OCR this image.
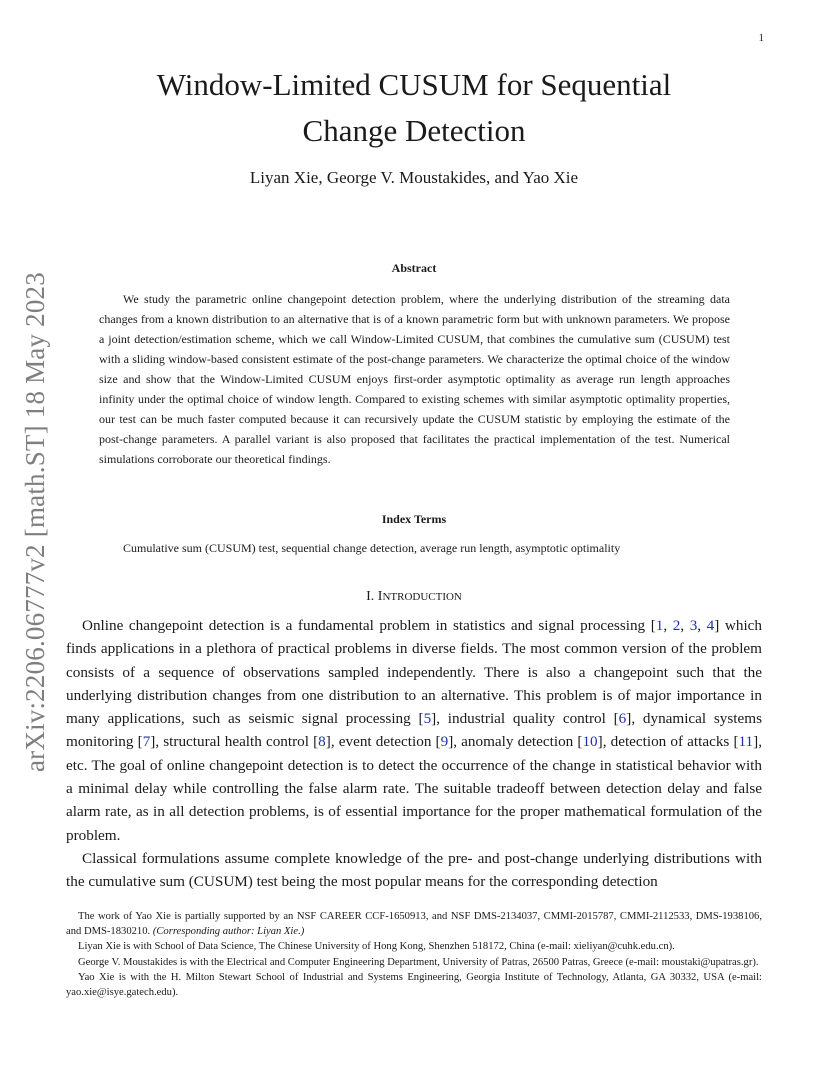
1
arXiv:2206.06777v2 [math.ST] 18 May 2023
Window-Limited CUSUM for Sequential
Change Detection
Liyan Xie, George V. Moustakides, and Yao Xie
Abstract
We study the parametric online changepoint detection problem, where the underlying distribution of the streaming data changes from a known distribution to an alternative that is of a known parametric form but with unknown parameters. We propose a joint detection/estimation scheme, which we call Window-Limited CUSUM, that combines the cumulative sum (CUSUM) test with a sliding window-based consistent estimate of the post-change parameters. We characterize the optimal choice of the window size and show that the Window-Limited CUSUM enjoys first-order asymptotic optimality as average run length approaches infinity under the optimal choice of window length. Compared to existing schemes with similar asymptotic optimality properties, our test can be much faster computed because it can recursively update the CUSUM statistic by employing the estimate of the post-change parameters. A parallel variant is also proposed that facilitates the practical implementation of the test. Numerical simulations corroborate our theoretical findings.
Index Terms
Cumulative sum (CUSUM) test, sequential change detection, average run length, asymptotic optimality
I. INTRODUCTION

Online changepoint detection is a fundamental problem in statistics and signal processing [1, 2, 3, 4] which finds applications in a plethora of practical problems in diverse fields. The most common version of the problem consists of a sequence of observations sampled independently. There is also a changepoint such that the underlying distribution changes from one distribution to an alternative. This problem is of major importance in many applications, such as seismic signal processing [5], industrial quality control [6], dynamical systems monitoring [7], structural health control [8], event detection [9], anomaly detection [10], detection of attacks [11], etc. The goal of online changepoint detection is to detect the occurrence of the change in statistical behavior with a minimal delay while controlling the false alarm rate. The suitable tradeoff between detection delay and false alarm rate, as in all detection problems, is of essential importance for the proper mathematical formulation of the problem.

Classical formulations assume complete knowledge of the pre- and post-change underlying distributions with the cumulative sum (CUSUM) test being the most popular means for the corresponding detection

The work of Yao Xie is partially supported by an NSF CAREER CCF-1650913, and NSF DMS-2134037, CMMI-2015787, CMMI-2112533, DMS-1938106, and DMS-1830210. (Corresponding author: Liyan Xie.)

Liyan Xie is with School of Data Science, The Chinese University of Hong Kong, Shenzhen 518172, China (e-mail: xieliyan@cuhk.edu.cn).

George V. Moustakides is with the Electrical and Computer Engineering Department, University of Patras, 26500 Patras, Greece (e-mail: moustaki@upatras.gr).

Yao Xie is with the H. Milton Stewart School of Industrial and Systems Engineering, Georgia Institute of Technology, Atlanta, GA 30332, USA (e-mail: yao.xie@isye.gatech.edu).
